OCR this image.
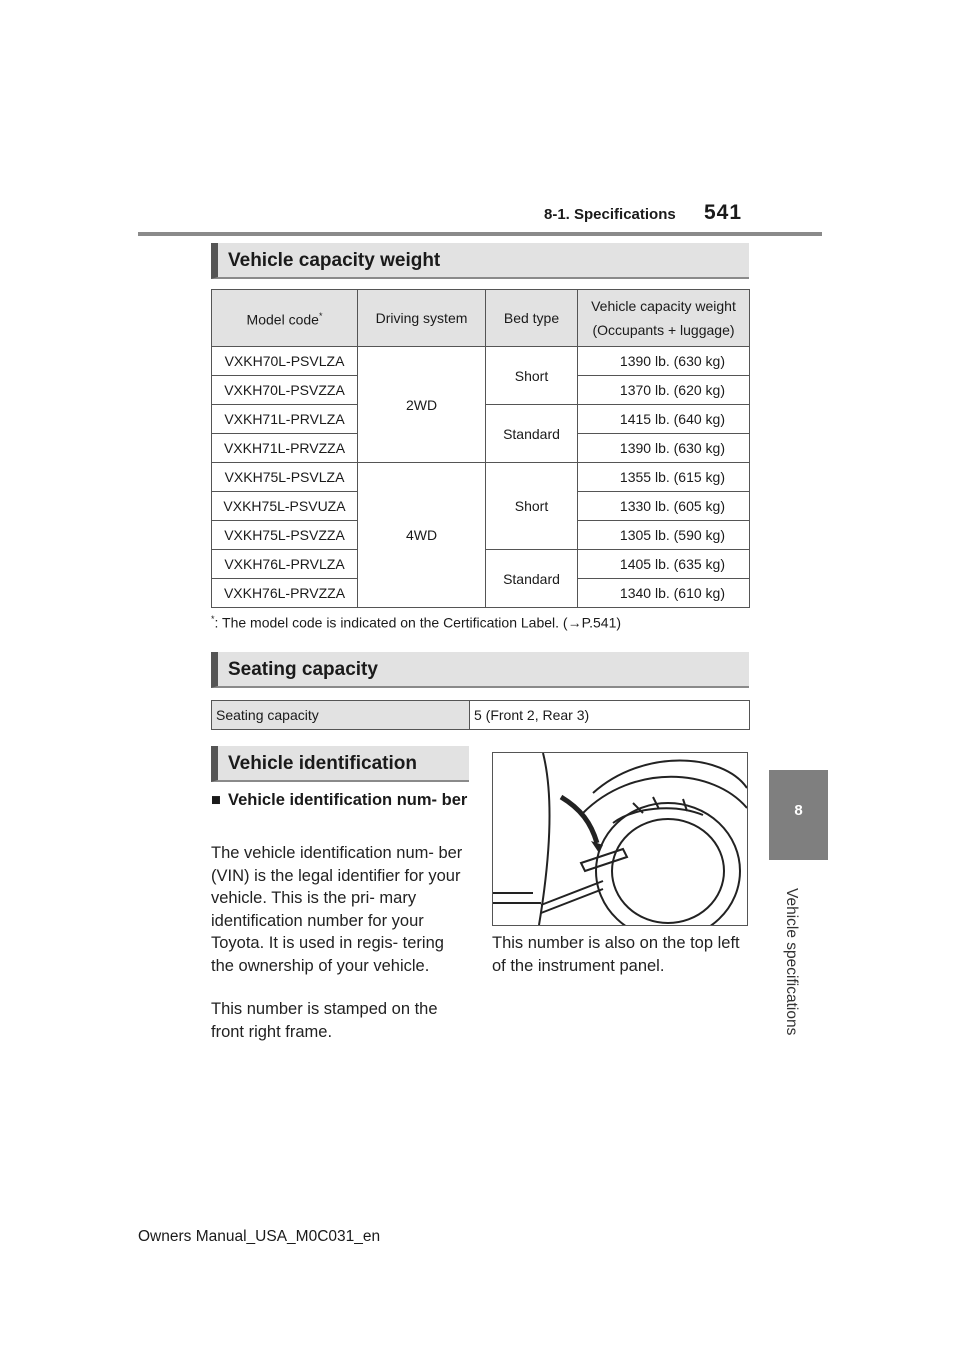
8-1. Specifications 541
8
Vehicle specifications
Vehicle capacity weight
Model code*	Driving system	Bed type	Vehicle capacity weight
(Occupants + luggage)
VXKH70L-PSVLZA	2WD	Short	1390 lb. (630 kg)
VXKH70L-PSVZZA			1370 lb. (620 kg)
VXKH71L-PRVLZA		Standard	1415 lb. (640 kg)
VXKH71L-PRVZZA			1390 lb. (630 kg)
VXKH75L-PSVLZA	4WD	Short	1355 lb. (615 kg)
VXKH75L-PSVUZA			1330 lb. (605 kg)
VXKH75L-PSVZZA			1305 lb. (590 kg)
VXKH76L-PRVLZA		Standard	1405 lb. (635 kg)
VXKH76L-PRVZZA			1340 lb. (610 kg)
*: The model code is indicated on the Certification Label. (→P.541)
Seating capacity
Seating capacity	5 (Front 2, Rear 3)
Vehicle identification
■ Vehicle identification num- ber
The vehicle identification num- ber (VIN) is the legal identifier for your vehicle. This is the pri- mary identification number for your Toyota. It is used in regis- tering the ownership of your vehicle.
This number is stamped on the front right frame.
This number is also on the top left of the instrument panel.
Owners Manual_USA_M0C031_en
